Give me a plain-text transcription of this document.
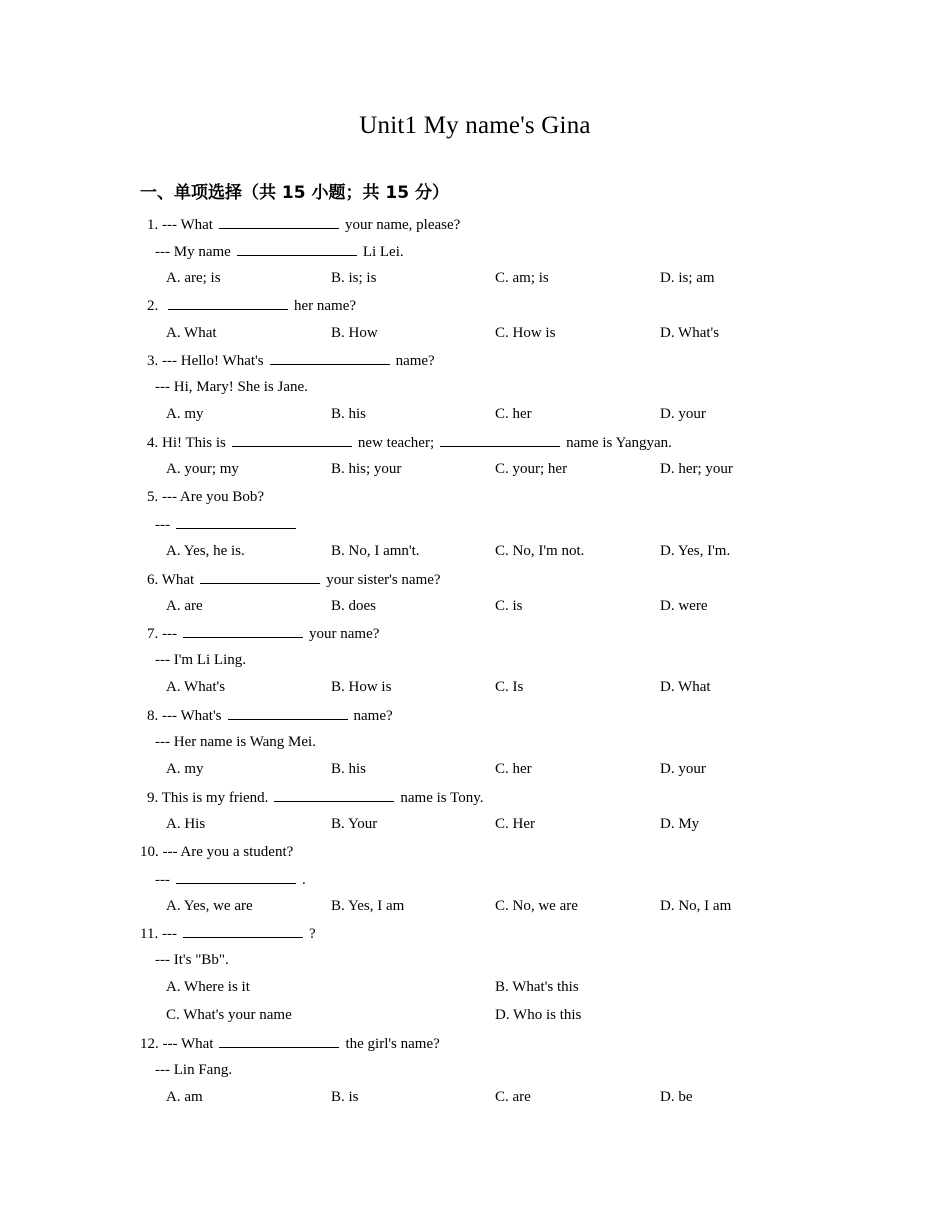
Unit1 My name's Gina
一、单项选择（共 15 小题；共 15 分）
1. --- What	your name, please?
--- My name	Li Lei.
A. are; is	B. is; is	C. am; is	D. is; am
2.	her name?
A. What	B. How	C. How is	D. What's
3. --- Hello! What's	name?
--- Hi, Mary! She is Jane.
A. my	B. his	C. her	D. your
4. Hi! This is	new teacher;	name is Yangyan.
A. your; my	B. his; your	C. your; her	D. her; your
5. --- Are you Bob?
---
A. Yes, he is.	B. No, I amn't.	C. No, I'm not.	D. Yes, I'm.
6. What	your sister's name?
A. are	B. does	C. is	D. were
7. ---	your name?
--- I'm Li Ling.
A. What's	B. How is	C. Is	D. What
8. --- What's	name?
--- Her name is Wang Mei.
A. my	B. his	C. her	D. your
9. This is my friend.	name is Tony.
A. His	B. Your	C. Her	D. My
10. --- Are you a student?
---	.
A. Yes, we are	B. Yes, I am	C. No, we are	D. No, I am
11. ---	?
--- It's "Bb".
A. Where is it	B. What's this
C. What's your name	D. Who is this
12. --- What	the girl's name?
--- Lin Fang.
A. am	B. is	C. are	D. be
